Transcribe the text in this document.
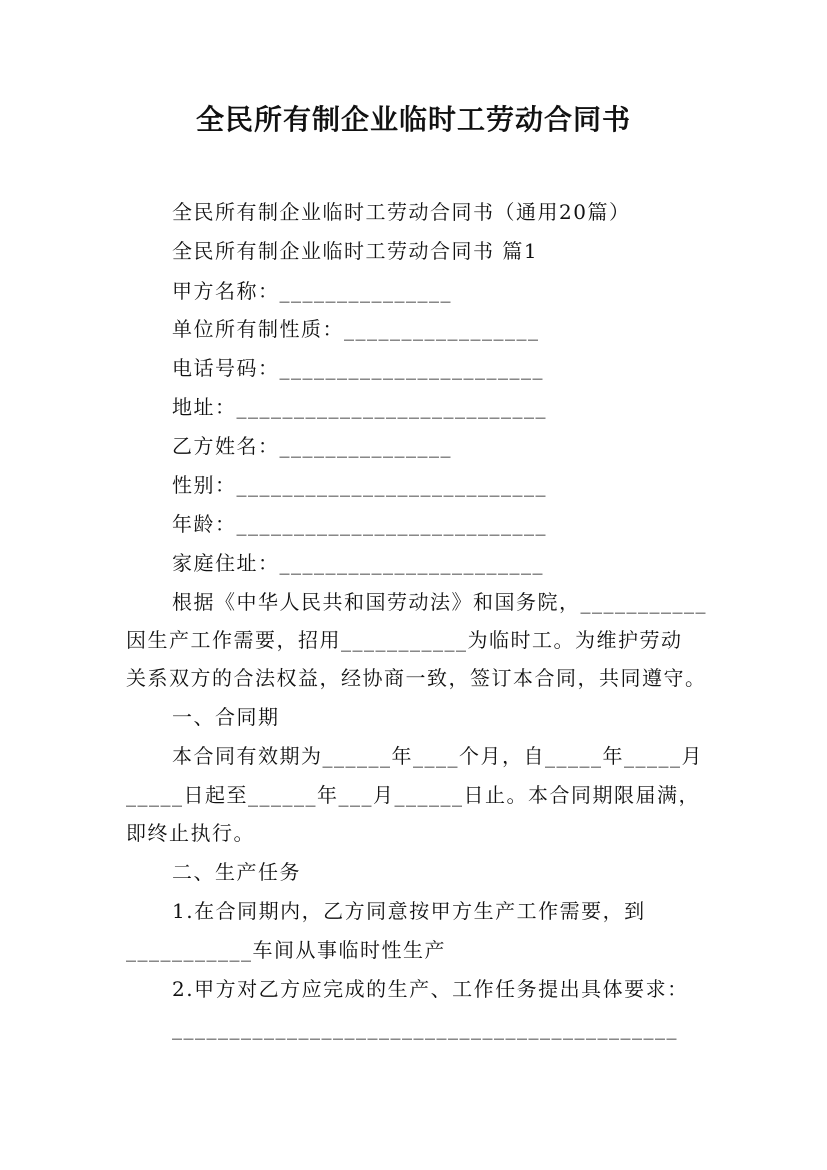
全民所有制企业临时工劳动合同书
全民所有制企业临时工劳动合同书（通用20篇）
全民所有制企业临时工劳动合同书 篇1
甲方名称：_______________
单位所有制性质：_________________
电话号码：_______________________
地址：___________________________
乙方姓名：_______________
性别：___________________________
年龄：___________________________
家庭住址：_______________________
根据《中华人民共和国劳动法》和国务院，___________
因生产工作需要，招用___________为临时工。为维护劳动
关系双方的合法权益，经协商一致，签订本合同，共同遵守。
一、合同期
本合同有效期为______年____个月，自_____年_____月
_____日起至______年___月______日止。本合同期限届满，
即终止执行。
二、生产任务
1.在合同期内，乙方同意按甲方生产工作需要，到
___________车间从事临时性生产
2.甲方对乙方应完成的生产、工作任务提出具体要求：
____________________________________________
